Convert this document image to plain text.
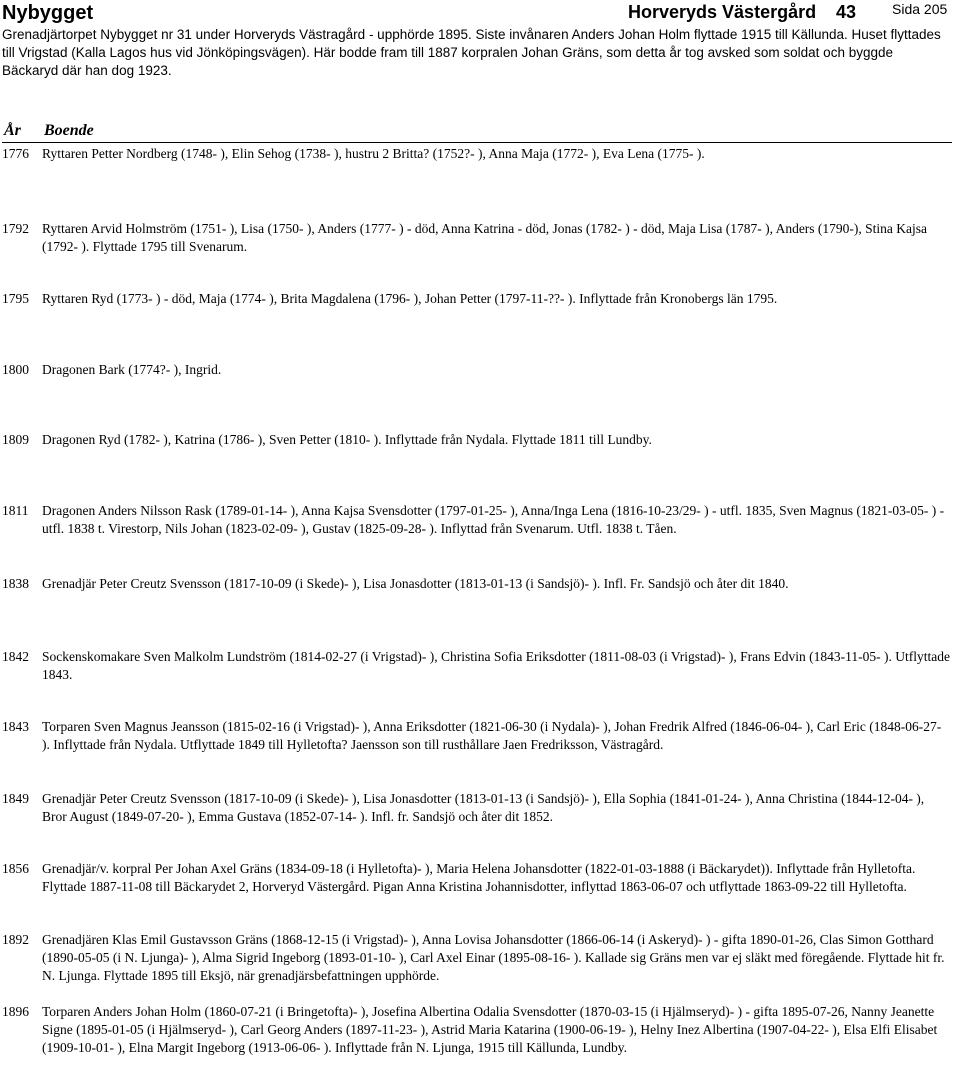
Nybygget	Horveryds Västergård 43	Sida 205
Grenadjärtorpet Nybygget nr 31 under Horveryds Västragård - upphörde 1895. Siste invånaren Anders Johan Holm flyttade 1915 till Källunda. Huset flyttades till Vrigstad (Kalla Lagos hus vid Jönköpingsvägen). Här bodde fram till 1887 korpralen Johan Gräns, som detta år tog avsked som soldat och byggde Bäckaryd där han dog 1923.
År Boende
1776 Ryttaren Petter Nordberg (1748- ), Elin Sehog (1738- ), hustru 2 Britta? (1752?- ), Anna Maja (1772- ), Eva Lena (1775- ).
1792 Ryttaren Arvid Holmström (1751- ), Lisa (1750- ), Anders (1777- ) - död, Anna Katrina - död, Jonas (1782- ) - död, Maja Lisa (1787- ), Anders (1790-), Stina Kajsa (1792- ). Flyttade 1795 till Svenarum.
1795 Ryttaren Ryd (1773- ) - död, Maja (1774- ), Brita Magdalena (1796- ), Johan Petter (1797-11-??- ). Inflyttade från Kronobergs län 1795.
1800 Dragonen Bark (1774?- ), Ingrid.
1809 Dragonen Ryd (1782- ), Katrina (1786- ), Sven Petter (1810- ). Inflyttade från Nydala. Flyttade 1811 till Lundby.
1811	Dragonen Anders Nilsson Rask (1789-01-14- ), Anna Kajsa Svensdotter (1797-01-25- ), Anna/Inga Lena (1816-10-23/29- ) - utfl. 1835, Sven Magnus (1821-03-05- ) - utfl. 1838 t. Virestorp, Nils Johan (1823-02-09- ), Gustav (1825-09-28- ). Inflyttad från Svenarum. Utfl. 1838 t. Tåen.
1838 Grenadjär Peter Creutz Svensson (1817-10-09 (i Skede)- ), Lisa Jonasdotter (1813-01-13 (i Sandsjö)- ). Infl. Fr. Sandsjö och åter dit 1840.
1842 Sockenskomakare Sven Malkolm Lundström (1814-02-27 (i Vrigstad)- ), Christina Sofia Eriksdotter (1811-08-03 (i Vrigstad)- ), Frans Edvin (1843-11-05- ). Utflyttade 1843.
1843 Torparen Sven Magnus Jeansson (1815-02-16 (i Vrigstad)- ), Anna Eriksdotter (1821-06-30 (i Nydala)- ), Johan Fredrik Alfred (1846-06-04- ), Carl Eric (1848-06-27- ). Inflyttade från Nydala. Utflyttade 1849 till Hylletofta? Jaensson son till rusthållare Jaen Fredriksson, Västragård.
1849 Grenadjär Peter Creutz Svensson (1817-10-09 (i Skede)- ), Lisa Jonasdotter (1813-01-13 (i Sandsjö)- ), Ella Sophia (1841-01-24- ), Anna Christina (1844-12-04- ), Bror August (1849-07-20- ), Emma Gustava (1852-07-14- ). Infl. fr. Sandsjö och åter dit 1852.
1856 Grenadjär/v. korpral Per Johan Axel Gräns (1834-09-18 (i Hylletofta)- ), Maria Helena Johansdotter (1822-01-03-1888 (i Bäckarydet)). Inflyttade från Hylletofta. Flyttade 1887-11-08 till Bäckarydet 2, Horveryd Västergård. Pigan Anna Kristina Johannisdotter, inflyttad 1863-06-07 och utflyttade 1863-09-22 till Hylletofta.
1892 Grenadjären Klas Emil Gustavsson Gräns (1868-12-15 (i Vrigstad)- ), Anna Lovisa Johansdotter (1866-06-14 (i Askeryd)- ) - gifta 1890-01-26, Clas Simon Gotthard (1890-05-05 (i N. Ljunga)- ), Alma Sigrid Ingeborg (1893-01-10- ), Carl Axel Einar (1895-08-16- ). Kallade sig Gräns men var ej släkt med föregående. Flyttade hit fr. N. Ljunga. Flyttade 1895 till Eksjö, när grenadjärsbefattningen upphörde.
1896 Torparen Anders Johan Holm (1860-07-21 (i Bringetofta)- ), Josefina Albertina Odalia Svensdotter (1870-03-15 (i Hjälmseryd)- ) - gifta 1895-07-26, Nanny Jeanette Signe (1895-01-05 (i Hjälmseryd- ), Carl Georg Anders (1897-11-23- ), Astrid Maria Katarina (1900-06-19- ), Helny Inez Albertina (1907-04-22- ), Elsa Elfi Elisabet (1909-10-01- ), Elna Margit Ingeborg (1913-06-06- ). Inflyttade från N. Ljunga, 1915 till Källunda, Lundby.
